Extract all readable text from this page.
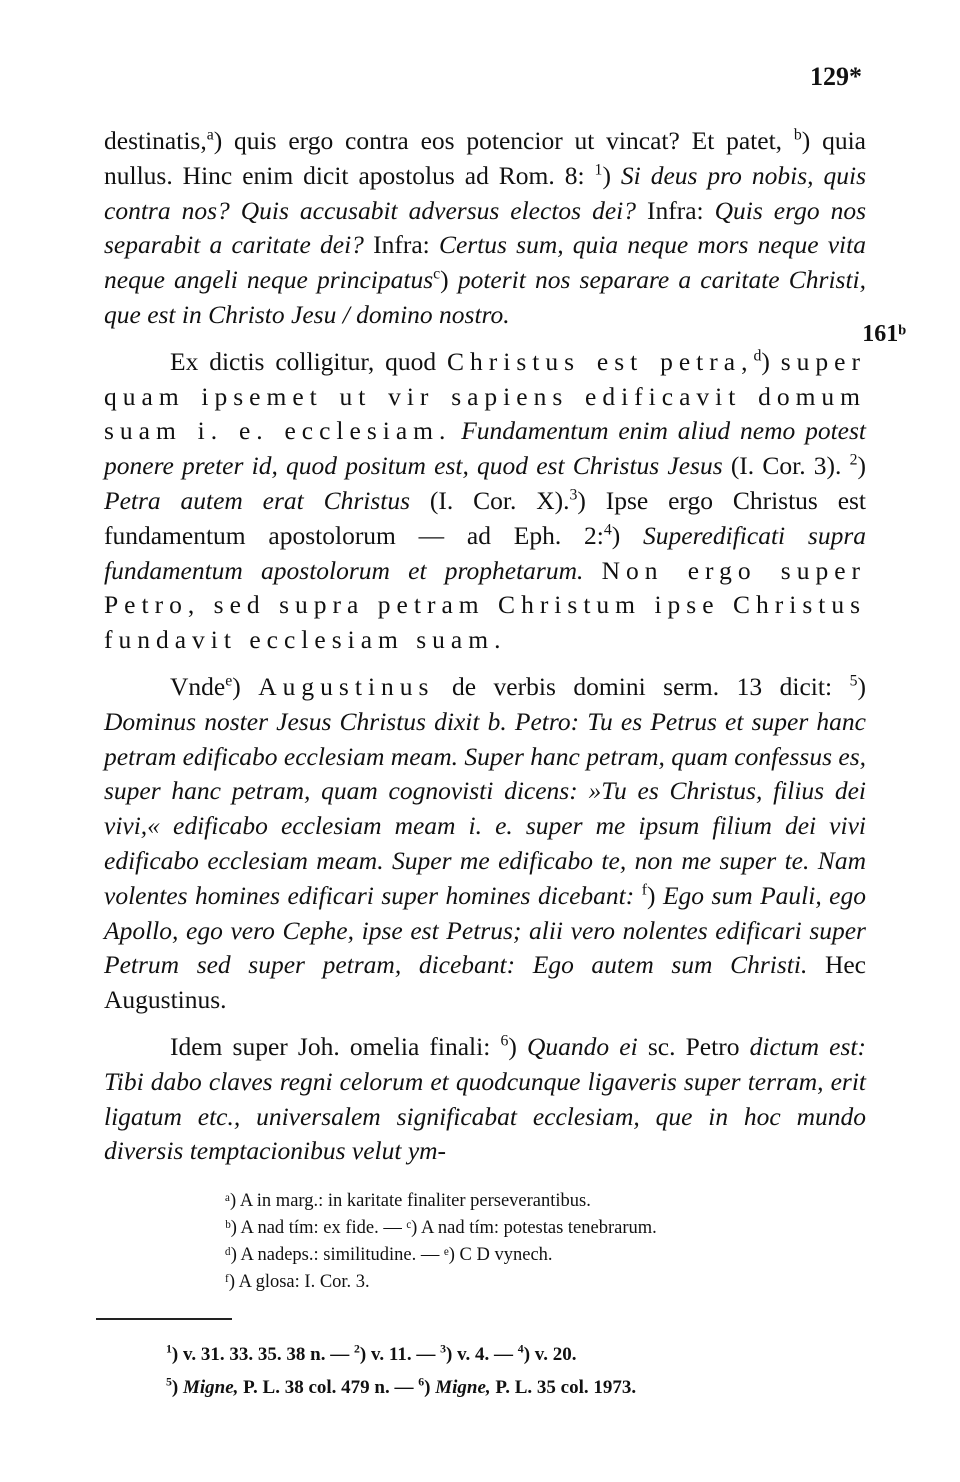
129*
161ᵇ

destinatis,$^a$) quis ergo contra eos potencior ut vincat? Et patet, $^b$) quia nullus. Hinc enim dicit apostolus ad Rom. 8: $^1$) Si deus pro nobis, quis contra nos? Quis accusabit adversus electos dei? Infra: Quis ergo nos separabit a caritate dei? Infra: Certus sum, quia neque mors neque vita neque angeli neque principatus$^c$) poterit nos separare a caritate Christi, que est in Christo Jesu / domino nostro.

Ex dictis colligitur, quod Christus est petra,$^d$) super quam ipsemet ut vir sapiens edificavit domum suam i. e. ecclesiam. Fundamentum enim aliud nemo potest ponere preter id, quod positum est, quod est Christus Jesus (I. Cor. 3). $^2$) Petra autem erat Christus (I. Cor. X).$^3$) Ipse ergo Christus est fundamentum apostolorum — ad Eph. 2:$^4$) Superedificati supra fundamentum apostolorum et prophetarum. Non ergo super Petro, sed supra petram Christum ipse Christus fundavit ecclesiam suam.

Vnde$^e$) Augustinus de verbis domini serm. 13 dicit: $^5$) Dominus noster Jesus Christus dixit b. Petro: Tu es Petrus et super hanc petram edificabo ecclesiam meam. Super hanc petram, quam confessus es, super hanc petram, quam cognovisti dicens: »Tu es Christus, filius dei vivi,« edificabo ecclesiam meam i. e. super me ipsum filium dei vivi edificabo ecclesiam meam. Super me edificabo te, non me super te. Nam volentes homines edificari super homines dicebant: $^f$) Ego sum Pauli, ego Apollo, ego vero Cephe, ipse est Petrus; alii vero nolentes edificari super Petrum sed super petram, dicebant: Ego autem sum Christi. Hec Augustinus.

Idem super Joh. omelia finali: $^6$) Quando ei sc. Petro dictum est: Tibi dabo claves regni celorum et quodcunque ligaveris super terram, erit ligatum etc., universalem significabat ecclesiam, que in hoc mundo diversis temptacionibus velut ym-

ᵃ) A in marg.: in karitate finaliter perseverantibus.
ᵇ) A nad tím: ex fide. — ᶜ) A nad tím: potestas tenebrarum.
ᵈ) A nadeps.: similitudine. — ᵉ) C D vynech.
ᶠ) A glosa: I. Cor. 3.
$^1$) v. 31. 33. 35. 38 n. — $^2$) v. 11. — $^3$) v. 4. — $^4$) v. 20.
$^5$) Migne, P. L. 38 col. 479 n. — $^6$) Migne, P. L. 35 col. 1973.
